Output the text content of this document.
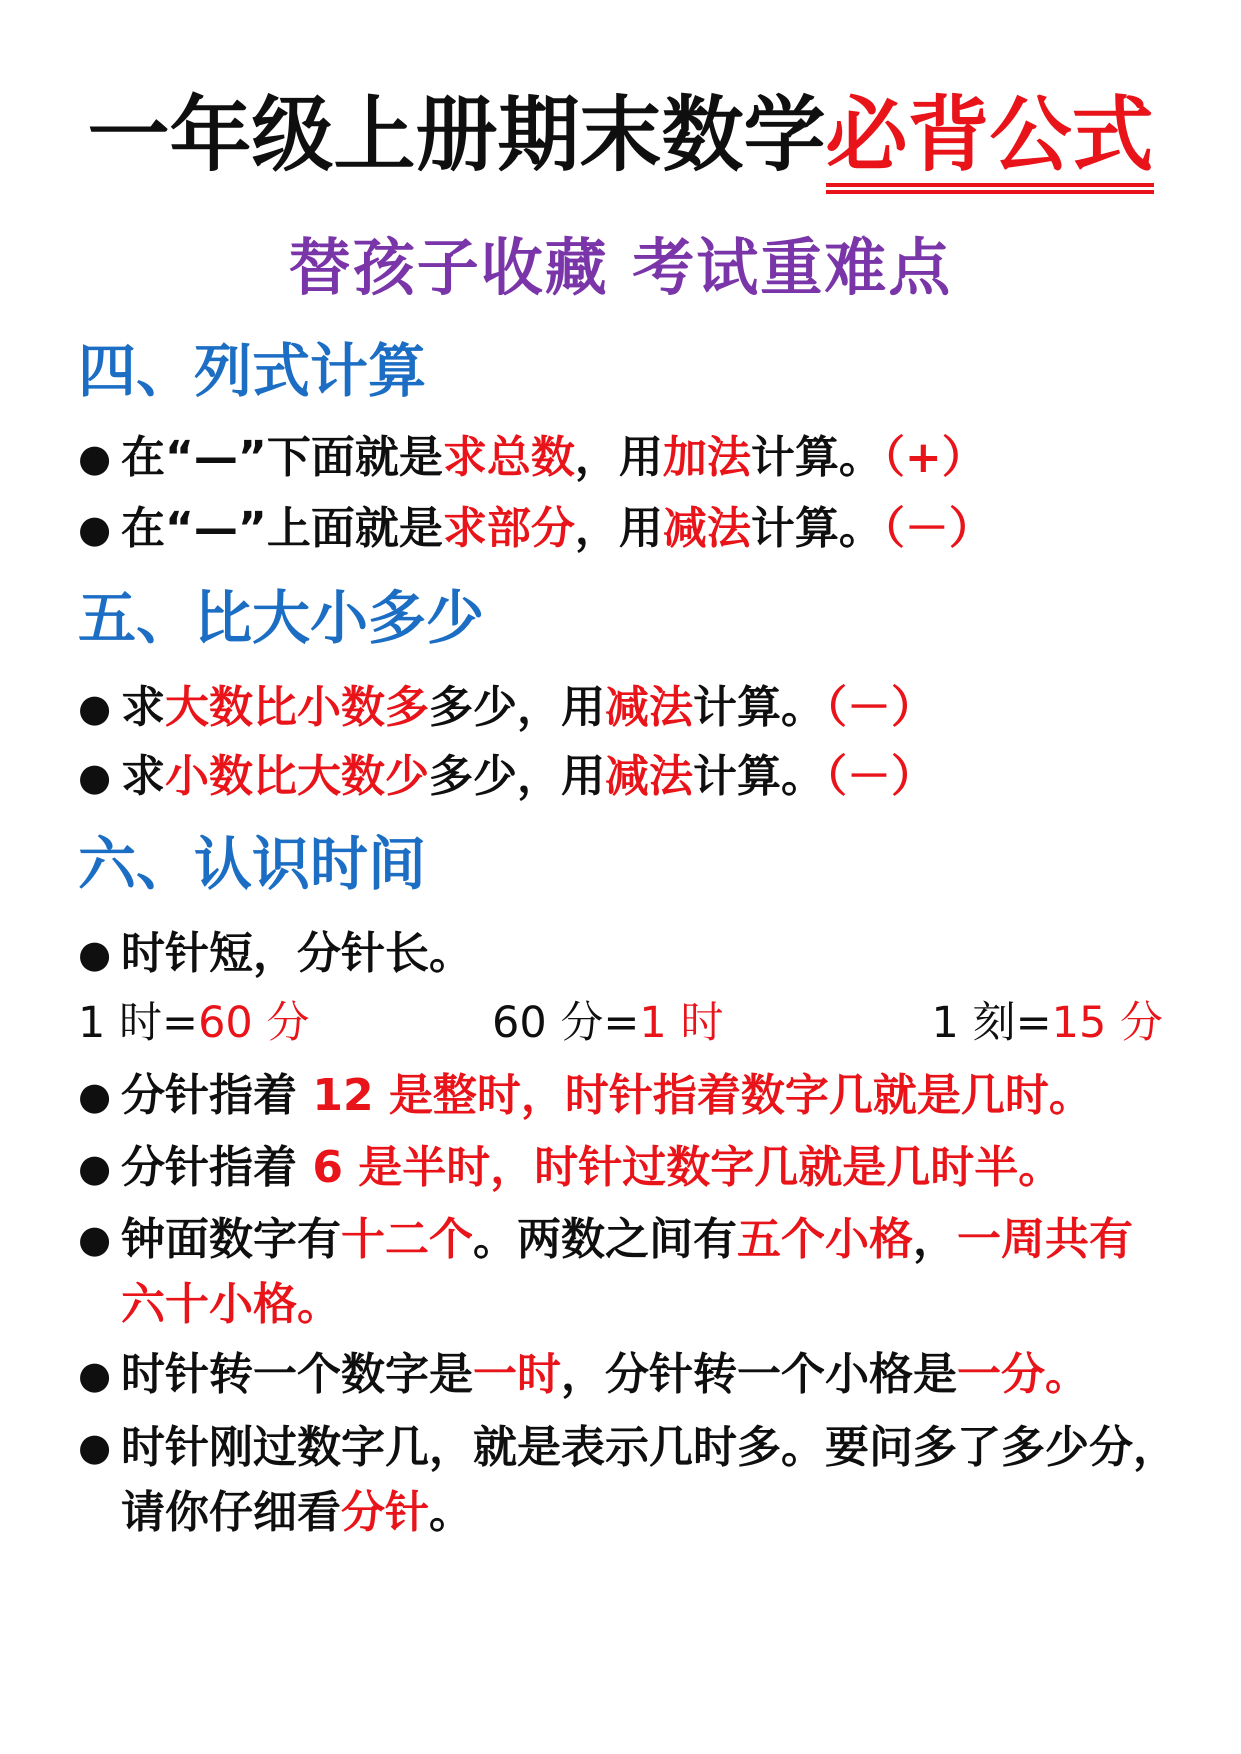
一年级上册期末数学必背公式
替孩子收藏 考试重难点
四、列式计算
● 在“—”下面就是求总数，用加法计算。（+）
● 在“—”上面就是求部分，用减法计算。（－）
五、比大小多少
● 求大数比小数多多少，用减法计算。（－）
● 求小数比大数少多少，用减法计算。（－）
六、认识时间
● 时针短，分针长。
1 时=60 分	60 分=1 时	1 刻=15 分
● 分针指着 12 是整时，时针指着数字几就是几时。
● 分针指着 6 是半时，时针过数字几就是几时半。
● 钟面数字有十二个。两数之间有五个小格，一周共有
六十小格。
● 时针转一个数字是一时，分针转一个小格是一分。
● 时针刚过数字几，就是表示几时多。要问多了多少分，
请你仔细看分针。
